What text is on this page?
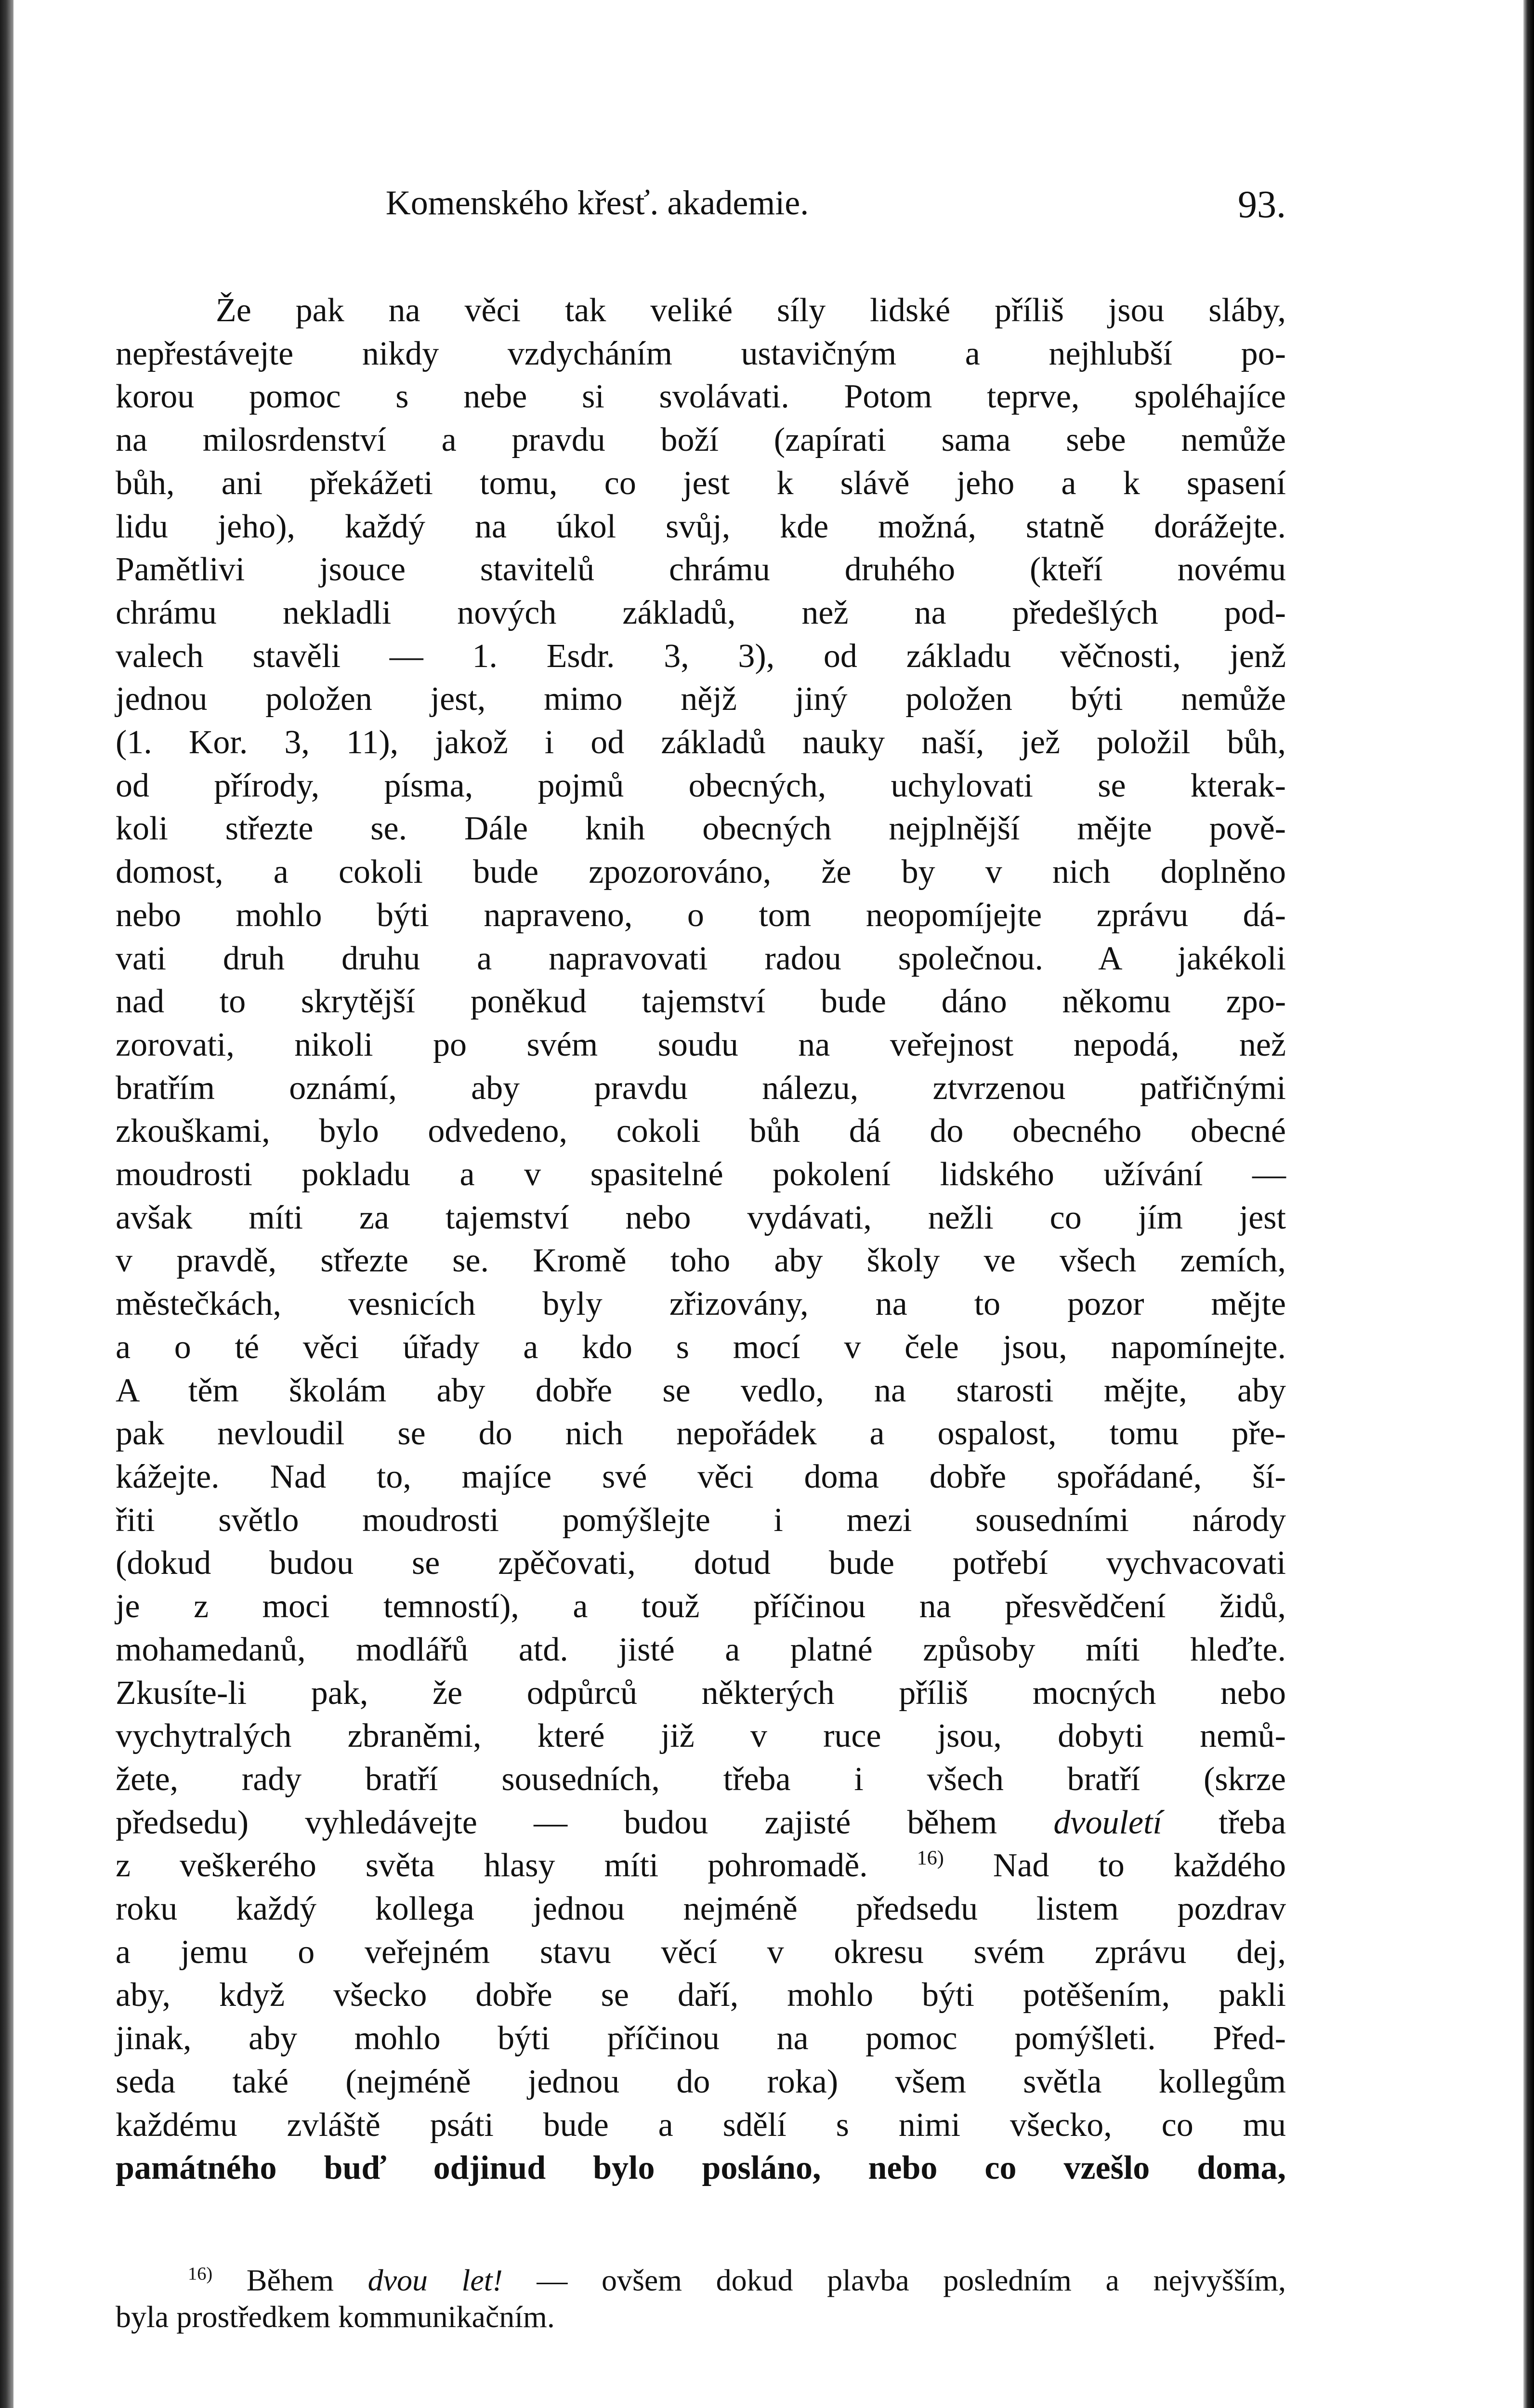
Komenského křesť. akademie.	93.
Že pak na věci tak veliké síly lidské příliš jsou sláby,
nepřestávejte nikdy vzdycháním ustavičným a nejhlubší po-
korou pomoc s nebe si svolávati. Potom teprve, spoléhajíce
na milosrdenství a pravdu boží (zapírati sama sebe nemůže
bůh, ani překážeti tomu, co jest k slávě jeho a k spasení
lidu jeho), každý na úkol svůj, kde možná, statně dorážejte.
Pamětlivi jsouce stavitelů chrámu druhého (kteří novému
chrámu nekladli nových základů, než na předešlých pod-
valech stavěli — 1. Esdr. 3, 3), od základu věčnosti, jenž
jednou položen jest, mimo nějž jiný položen býti nemůže
(1. Kor. 3, 11), jakož i od základů nauky naší, jež položil bůh,
od přírody, písma, pojmů obecných, uchylovati se kterak-
koli střezte se. Dále knih obecných nejplnější mějte pově-
domost, a cokoli bude zpozorováno, že by v nich doplněno
nebo mohlo býti napraveno, o tom neopomíjejte zprávu dá-
vati druh druhu a napravovati radou společnou. A jakékoli
nad to skrytější poněkud tajemství bude dáno někomu zpo-
zorovati, nikoli po svém soudu na veřejnost nepodá, než
bratřím oznámí, aby pravdu nálezu, ztvrzenou patřičnými
zkouškami, bylo odvedeno, cokoli bůh dá do obecného obecné
moudrosti pokladu a v spasitelné pokolení lidského užívání —
avšak míti za tajemství nebo vydávati, nežli co jím jest
v pravdě, střezte se. Kromě toho aby školy ve všech zemích,
městečkách, vesnicích byly zřizovány, na to pozor mějte
a o té věci úřady a kdo s mocí v čele jsou, napomínejte.
A těm školám aby dobře se vedlo, na starosti mějte, aby
pak nevloudil se do nich nepořádek a ospalost, tomu pře-
kážejte. Nad to, majíce své věci doma dobře spořádané, ší-
řiti světlo moudrosti pomýšlejte i mezi sousedními národy
(dokud budou se zpěčovati, dotud bude potřebí vychvacovati
je z moci temností), a touž příčinou na přesvědčení židů,
mohamedanů, modlářů atd. jisté a platné způsoby míti hleďte.
Zkusíte-li pak, že odpůrců některých příliš mocných nebo
vychytralých zbraněmi, které již v ruce jsou, dobyti nemů-
žete, rady bratří sousedních, třeba i všech bratří (skrze
předsedu) vyhledávejte — budou zajisté během dvouletí třeba
z veškerého světa hlasy míti pohromadě. $^{16)}$ Nad to každého
roku každý kollega jednou nejméně předsedu listem pozdrav
a jemu o veřejném stavu věcí v okresu svém zprávu dej,
aby, když všecko dobře se daří, mohlo býti potěšením, pakli
jinak, aby mohlo býti příčinou na pomoc pomýšleti. Před-
seda také (nejméně jednou do roka) všem světla kollegům
každému zvláště psáti bude a sdělí s nimi všecko, co mu
památného buď odjinud bylo posláno, nebo co vzešlo doma,
$^{16)}$ Během dvou let! — ovšem dokud plavba posledním a nejvyšším,
byla prostředkem kommunikačním.
